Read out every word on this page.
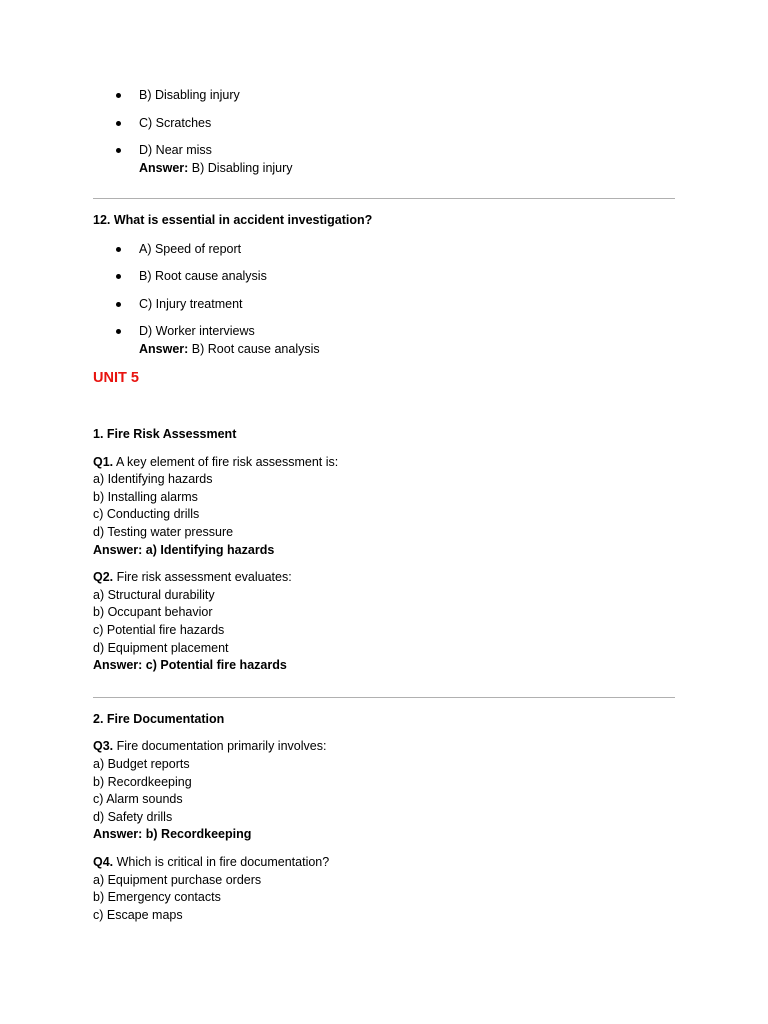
B) Disabling injury
C) Scratches
D) Near miss
Answer: B) Disabling injury
12. What is essential in accident investigation?
A) Speed of report
B) Root cause analysis
C) Injury treatment
D) Worker interviews
Answer: B) Root cause analysis
UNIT 5
1. Fire Risk Assessment
Q1. A key element of fire risk assessment is:
a) Identifying hazards
b) Installing alarms
c) Conducting drills
d) Testing water pressure
Answer: a) Identifying hazards
Q2. Fire risk assessment evaluates:
a) Structural durability
b) Occupant behavior
c) Potential fire hazards
d) Equipment placement
Answer: c) Potential fire hazards
2. Fire Documentation
Q3. Fire documentation primarily involves:
a) Budget reports
b) Recordkeeping
c) Alarm sounds
d) Safety drills
Answer: b) Recordkeeping
Q4. Which is critical in fire documentation?
a) Equipment purchase orders
b) Emergency contacts
c) Escape maps
